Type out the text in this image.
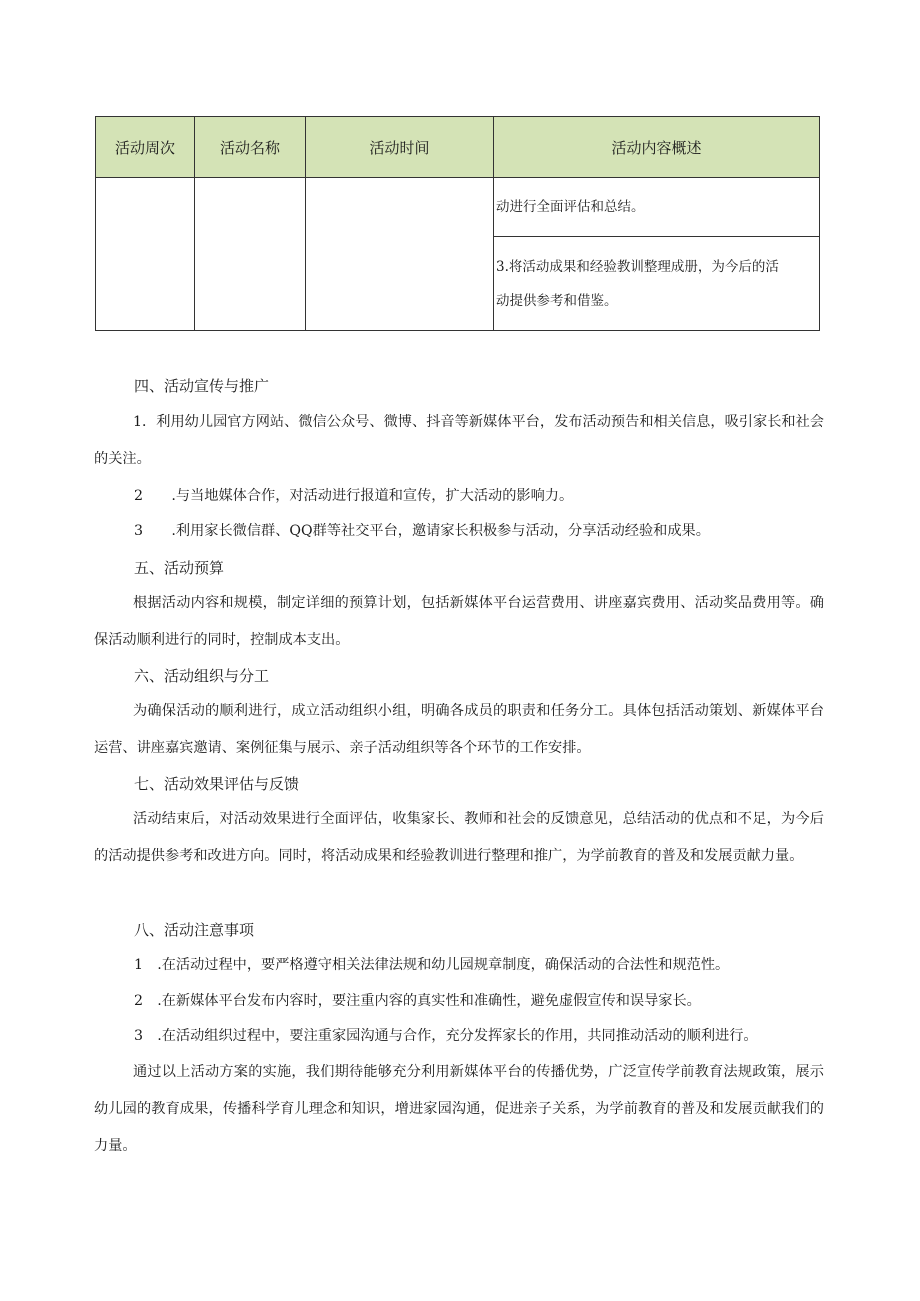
活动周次	活动名称	活动时间	活动内容概述
			动进行全面评估和总结。

			3.将活动成果和经验教训整理成册，为今后的活
动提供参考和借鉴。
四、活动宣传与推广

1．利用幼儿园官方网站、微信公众号、微博、抖音等新媒体平台，发布活动预告和相关信息，吸引家长和社会的关注。

2　　.与当地媒体合作，对活动进行报道和宣传，扩大活动的影响力。
3　　.利用家长微信群、QQ群等社交平台，邀请家长积极参与活动，分享活动经验和成果。
五、活动预算

根据活动内容和规模，制定详细的预算计划，包括新媒体平台运营费用、讲座嘉宾费用、活动奖品费用等。确保活动顺利进行的同时，控制成本支出。

六、活动组织与分工

为确保活动的顺利进行，成立活动组织小组，明确各成员的职责和任务分工。具体包括活动策划、新媒体平台运营、讲座嘉宾邀请、案例征集与展示、亲子活动组织等各个环节的工作安排。

七、活动效果评估与反馈

活动结束后，对活动效果进行全面评估，收集家长、教师和社会的反馈意见，总结活动的优点和不足，为今后的活动提供参考和改进方向。同时，将活动成果和经验教训进行整理和推广，为学前教育的普及和发展贡献力量。

八、活动注意事项
1　.在活动过程中，要严格遵守相关法律法规和幼儿园规章制度，确保活动的合法性和规范性。
2　.在新媒体平台发布内容时，要注重内容的真实性和准确性，避免虚假宣传和误导家长。
3　.在活动组织过程中，要注重家园沟通与合作，充分发挥家长的作用，共同推动活动的顺利进行。

通过以上活动方案的实施，我们期待能够充分利用新媒体平台的传播优势，广泛宣传学前教育法规政策，展示幼儿园的教育成果，传播科学育儿理念和知识，增进家园沟通，促进亲子关系，为学前教育的普及和发展贡献我们的力量。
